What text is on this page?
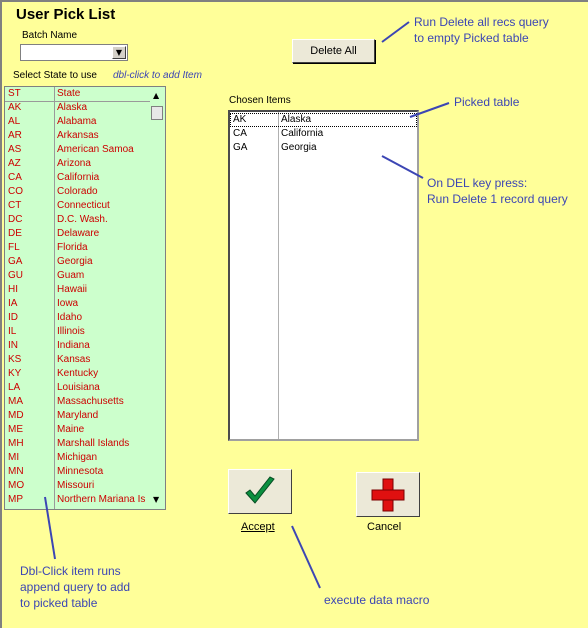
User Pick List
Batch Name
▼	Delete All
Run Delete all recs query
to empty Picked table
Select State to use dbl-click to add Item
ST	State
AK	Alaska
AL	Alabama
AR	Arkansas
AS	American Samoa
AZ	Arizona
CA	California
CO	Colorado
CT	Connecticut
DC	D.C. Wash.
DE	Delaware
FL	Florida
GA	Georgia
GU	Guam
HI	Hawaii
IA	Iowa
ID	Idaho
IL	Illinois
IN	Indiana
KS	Kansas
KY	Kentucky
LA	Louisiana
MA	Massachusetts
MD	Maryland
ME	Maine
MH	Marshall Islands
MI	Michigan
MN	Minnesota
MO	Missouri
MP	Northern Mariana Is
▲
▼
Chosen Items
AK	Alaska
CA	California
GA	Georgia
Picked table
On DEL key press:
Run Delete 1 record query
Accept	Cancel
Dbl-Click item runs
append query to add
to picked table	execute data macro
